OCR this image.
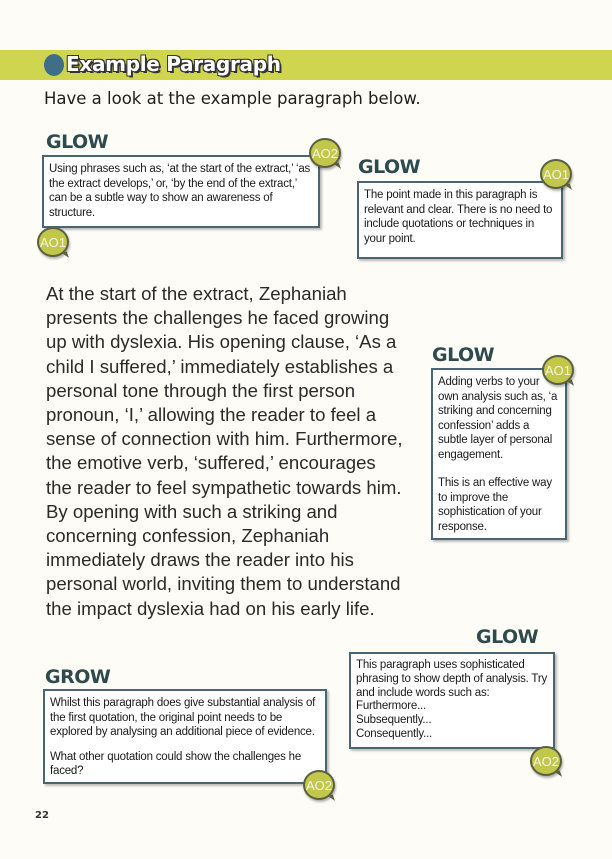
Example Paragraph
Have a look at the example paragraph below.
GLOW

Using phrases such as, ‘at the start of the extract,’ ‘as the extract develops,’ or, ‘by the end of the extract,’ can be a subtle way to show an awareness of structure.

AO2
AO1
GLOW

The point made in this paragraph is relevant and clear. There is no need to include quotations or techniques in your point.

AO1
At the start of the extract, Zephaniah presents the challenges he faced growing up with dyslexia. His opening clause, ‘As a child I suffered,’ immediately establishes a personal tone through the first person pronoun, ‘I,’ allowing the reader to feel a sense of connection with him. Furthermore, the emotive verb, ‘suffered,’ encourages the reader to feel sympathetic towards him. By opening with such a striking and concerning confession, Zephaniah immediately draws the reader into his personal world, inviting them to understand the impact dyslexia had on his early life.
GLOW

Adding verbs to your own analysis such as, ‘a striking and concerning confession’ adds a subtle layer of personal engagement.

This is an effective way to improve the sophistication of your response.

AO1
GLOW
This paragraph uses sophisticated phrasing to show depth of analysis. Try and include words such as:
Furthermore...
Subsequently...
Consequently...
AO2
GROW

Whilst this paragraph does give substantial analysis of the first quotation, the original point needs to be explored by analysing an additional piece of evidence.

What other quotation could show the challenges he faced?

AO2
22
